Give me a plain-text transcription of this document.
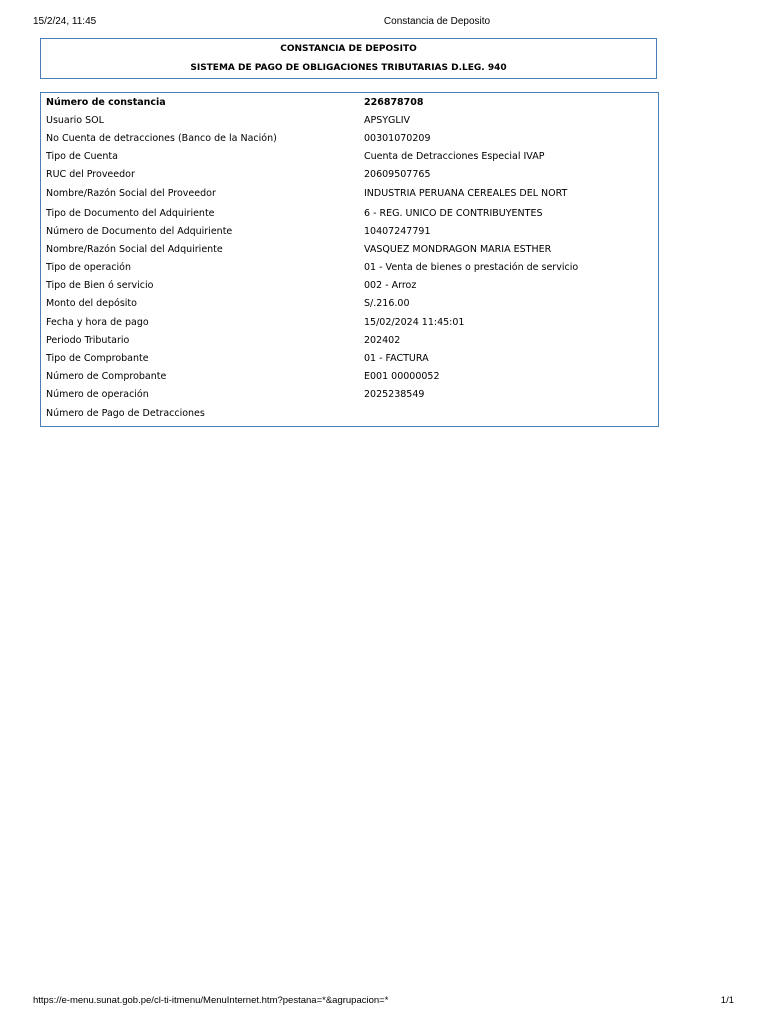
15/2/24, 11:45	Constancia de Deposito
CONSTANCIA DE DEPOSITO
SISTEMA DE PAGO DE OBLIGACIONES TRIBUTARIAS D.LEG. 940
Número de constancia	226878708
Usuario SOL	APSYGLIV
No Cuenta de detracciones (Banco de la Nación)	00301070209
Tipo de Cuenta	Cuenta de Detracciones Especial IVAP
RUC del Proveedor	20609507765
Nombre/Razón Social del Proveedor	INDUSTRIA PERUANA CEREALES DEL NORT
Tipo de Documento del Adquiriente	6 - REG. UNICO DE CONTRIBUYENTES
Número de Documento del Adquiriente	10407247791
Nombre/Razón Social del Adquiriente	VASQUEZ MONDRAGON MARIA ESTHER
Tipo de operación	01 - Venta de bienes o prestación de servicio
Tipo de Bien ó servicio	002 - Arroz
Monto del depósito	S/.216.00
Fecha y hora de pago	15/02/2024 11:45:01
Periodo Tributario	202402
Tipo de Comprobante	01 - FACTURA
Número de Comprobante	E001 00000052
Número de operación	2025238549
Número de Pago de Detracciones
https://e-menu.sunat.gob.pe/cl-ti-itmenu/MenuInternet.htm?pestana=*&agrupacion=*	1/1
